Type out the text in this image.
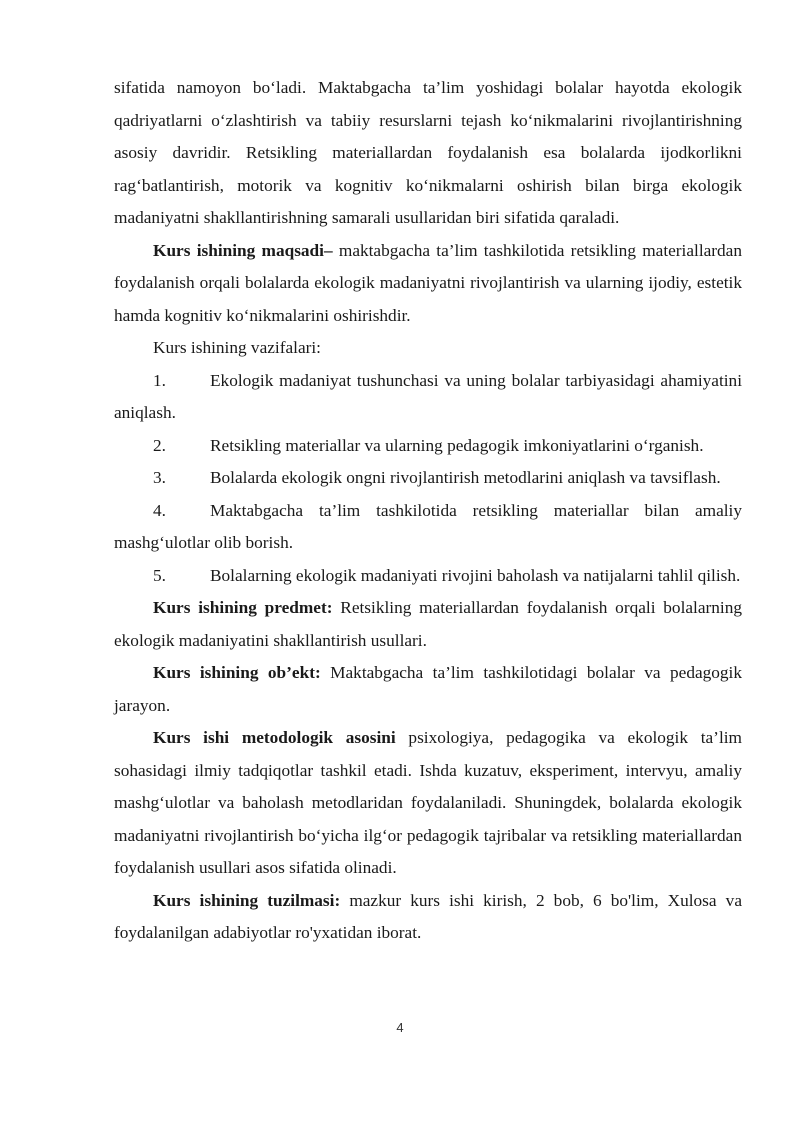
sifatida namoyon bo‘ladi. Maktabgacha ta’lim yoshidagi bolalar hayotda ekologik qadriyatlarni o‘zlashtirish va tabiiy resurslarni tejash ko‘nikmalarini rivojlantirishning asosiy davridir. Retsikling materiallardan foydalanish esa bolalarda ijodkorlikni rag‘batlantirish, motorik va kognitiv ko‘nikmalarni oshirish bilan birga ekologik madaniyatni shakllantirishning samarali usullaridan biri sifatida qaraladi.

Kurs ishining maqsadi– maktabgacha ta’lim tashkilotida retsikling materiallardan foydalanish orqali bolalarda ekologik madaniyatni rivojlantirish va ularning ijodiy, estetik hamda kognitiv ko‘nikmalarini oshirishdir.

Kurs ishining vazifalari:

1.	Ekologik madaniyat tushunchasi va uning bolalar tarbiyasidagi ahamiyatini aniqlash.

2.	Retsikling materiallar va ularning pedagogik imkoniyatlarini o‘rganish.

3.	Bolalarda ekologik ongni rivojlantirish metodlarini aniqlash va tavsiflash.

4.	Maktabgacha ta’lim tashkilotida retsikling materiallar bilan amaliy mashg‘ulotlar olib borish.

5.	Bolalarning ekologik madaniyati rivojini baholash va natijalarni tahlil qilish.

Kurs ishining predmet: Retsikling materiallardan foydalanish orqali bolalarning ekologik madaniyatini shakllantirish usullari.

Kurs ishining ob’ekt: Maktabgacha ta’lim tashkilotidagi bolalar va pedagogik jarayon.

Kurs ishi metodologik asosini psixologiya, pedagogika va ekologik ta’lim sohasidagi ilmiy tadqiqotlar tashkil etadi. Ishda kuzatuv, eksperiment, intervyu, amaliy mashg‘ulotlar va baholash metodlaridan foydalaniladi. Shuningdek, bolalarda ekologik madaniyatni rivojlantirish bo‘yicha ilg‘or pedagogik tajribalar va retsikling materiallardan foydalanish usullari asos sifatida olinadi.

Kurs ishining tuzilmasi: mazkur kurs ishi kirish, 2 bob, 6 bo'lim, Xulosa va foydalanilgan adabiyotlar ro'yxatidan iborat.

4
